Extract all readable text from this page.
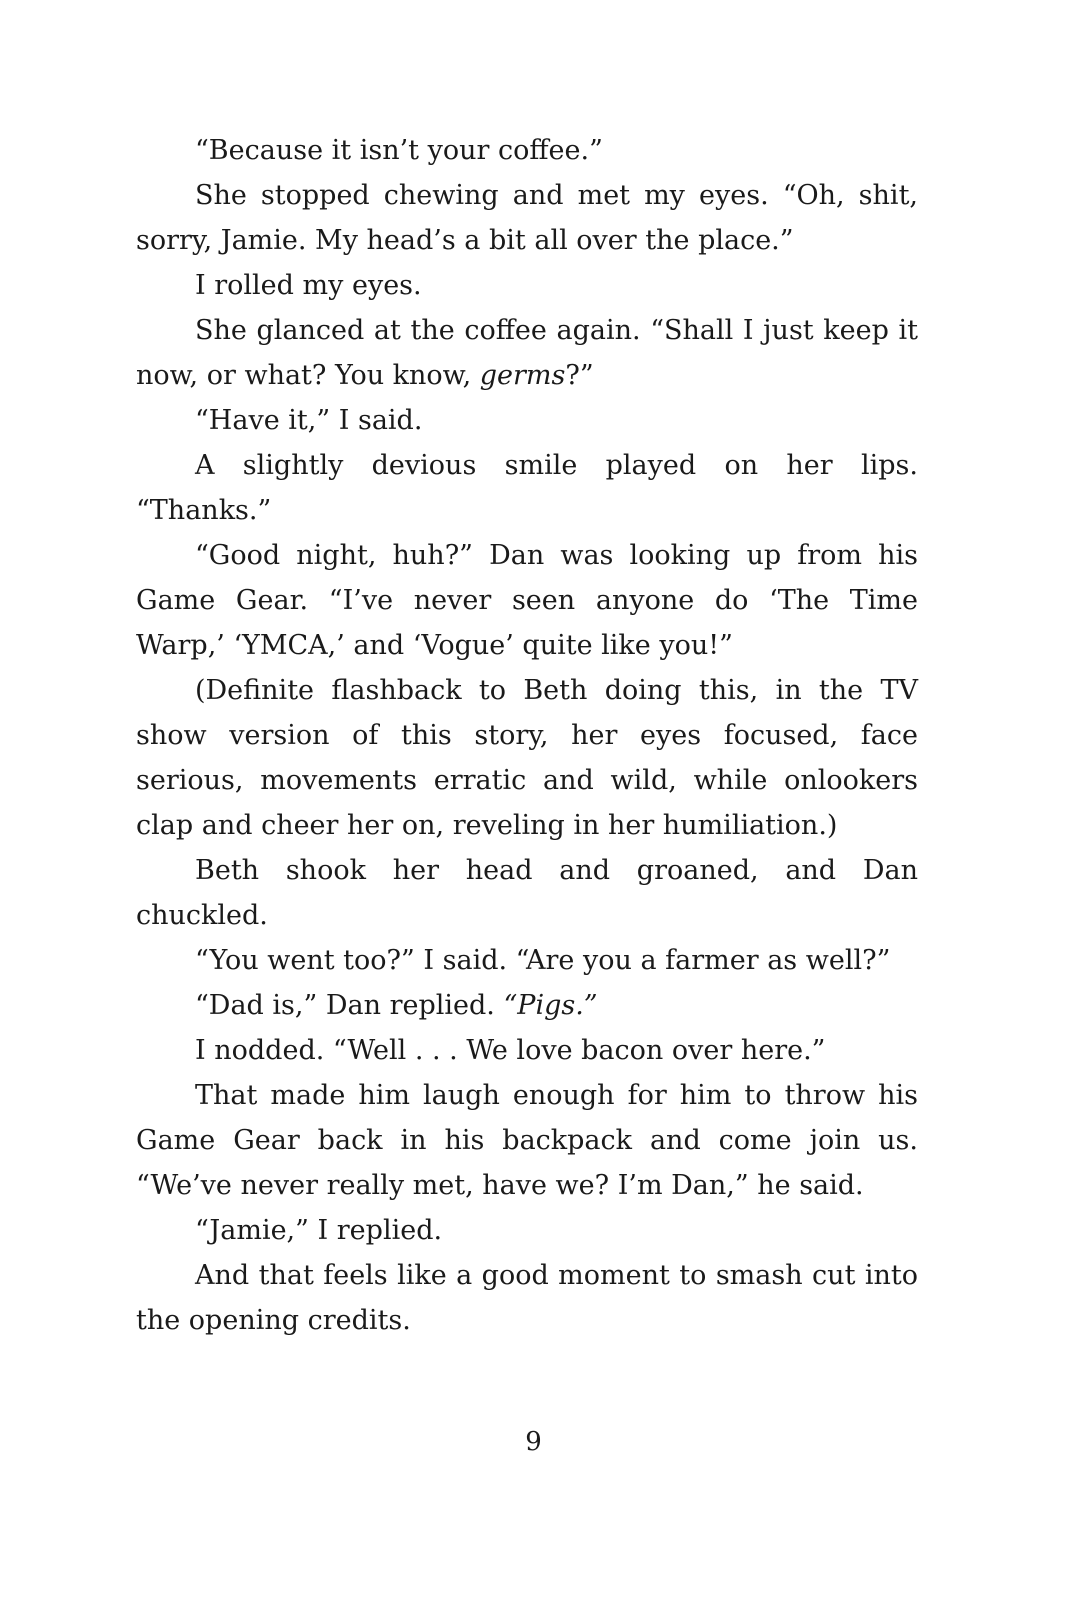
“Because it isn’t your coffee.”

She stopped chewing and met my eyes. “Oh, shit, sorry, Jamie. My head’s a bit all over the place.”

I rolled my eyes.

She glanced at the coffee again. “Shall I just keep it now, or what? You know, germs?”

“Have it,” I said.

A slightly devious smile played on her lips. “Thanks.”

“Good night, huh?” Dan was looking up from his Game Gear. “I’ve never seen anyone do ‘The Time Warp,’ ‘YMCA,’ and ‘Vogue’ quite like you!”

(Definite flashback to Beth doing this, in the TV show version of this story, her eyes focused, face serious, movements erratic and wild, while onlookers clap and cheer her on, reveling in her humiliation.)

Beth shook her head and groaned, and Dan chuckled.

“You went too?” I said. “Are you a farmer as well?”

“Dad is,” Dan replied. “Pigs.”

I nodded. “Well . . . We love bacon over here.”

That made him laugh enough for him to throw his Game Gear back in his backpack and come join us. “We’ve never really met, have we? I’m Dan,” he said.

“Jamie,” I replied.

And that feels like a good moment to smash cut into the opening credits.

9
